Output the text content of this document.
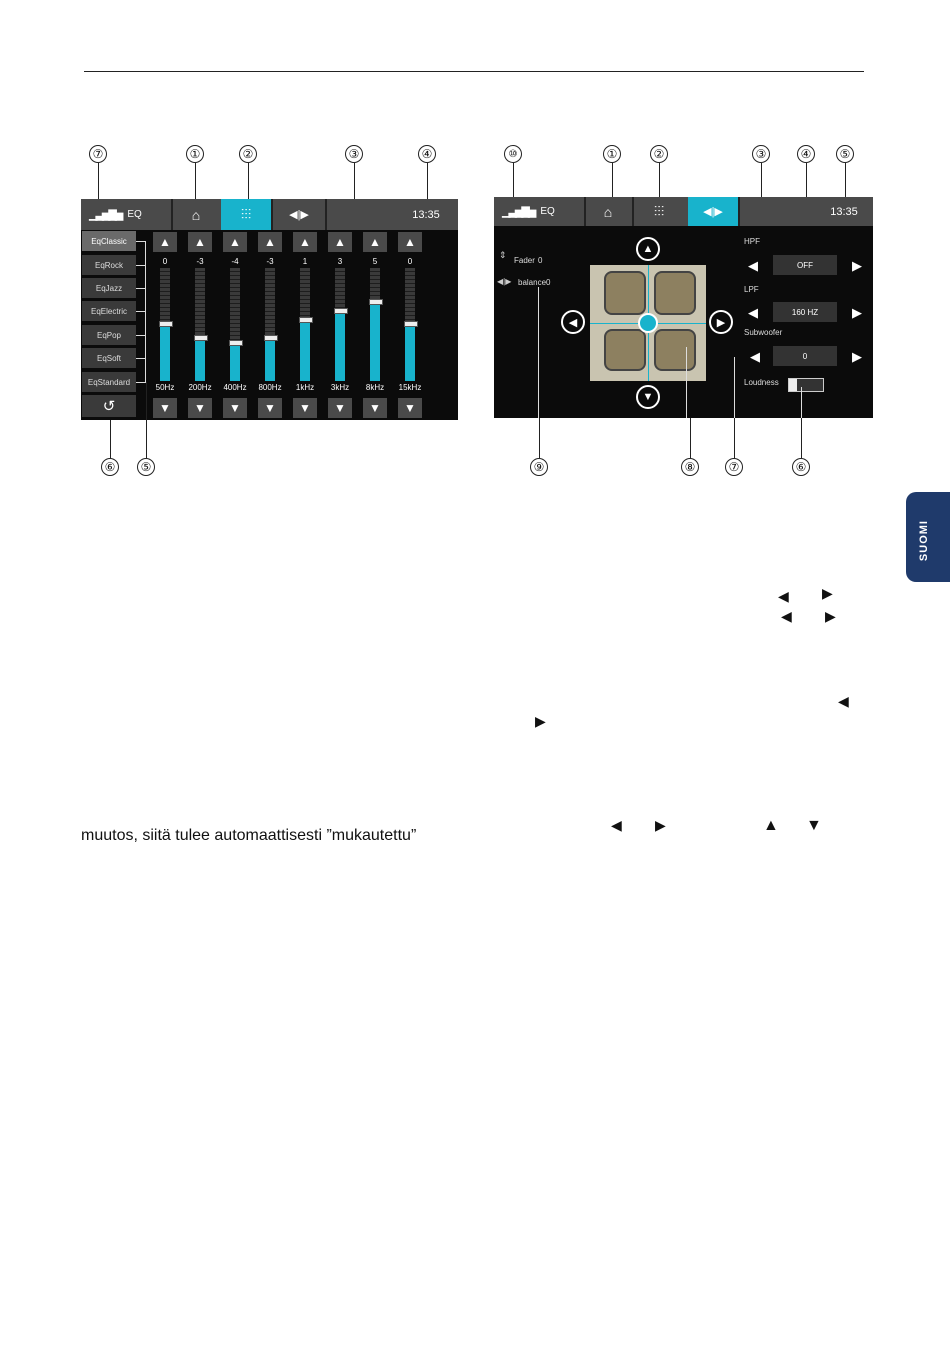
⑦	①	②	③	④
⑥	⑤
▁▃▅▇▅ EQ	⌂	⫶⫶⫶	◀|▶	13:35
EqClassic
EqRock
EqJazz
EqElectric
EqPop
EqSoft
EqStandard
↺
▲
0
50Hz
▼
▲
-3
200Hz
▼
▲
-4
400Hz
▼
▲
-3
800Hz
▼
▲
1
1kHz
▼
▲
3
3kHz
▼
▲
5
8kHz
▼
▲
0
15kHz
▼
⑩	①	②	③	④	⑤
⑨	⑧	⑦	⑥
▁▃▅▇▅ EQ	⌂	⫶⫶⫶	◀|▶	13:35
⇕
Fader 0
◀|▶ balance 0
▲
▼
◀	▶
HPF
◀	OFF	▶
LPF
◀	160 HZ	▶
Subwoofer
◀	0	▶
Loudness
SUOMI
◀ ▶
◀ ▶
◀
▶
◀ ▶	▲ ▼
muutos, siitä tulee automaattisesti ”mukautettu”
